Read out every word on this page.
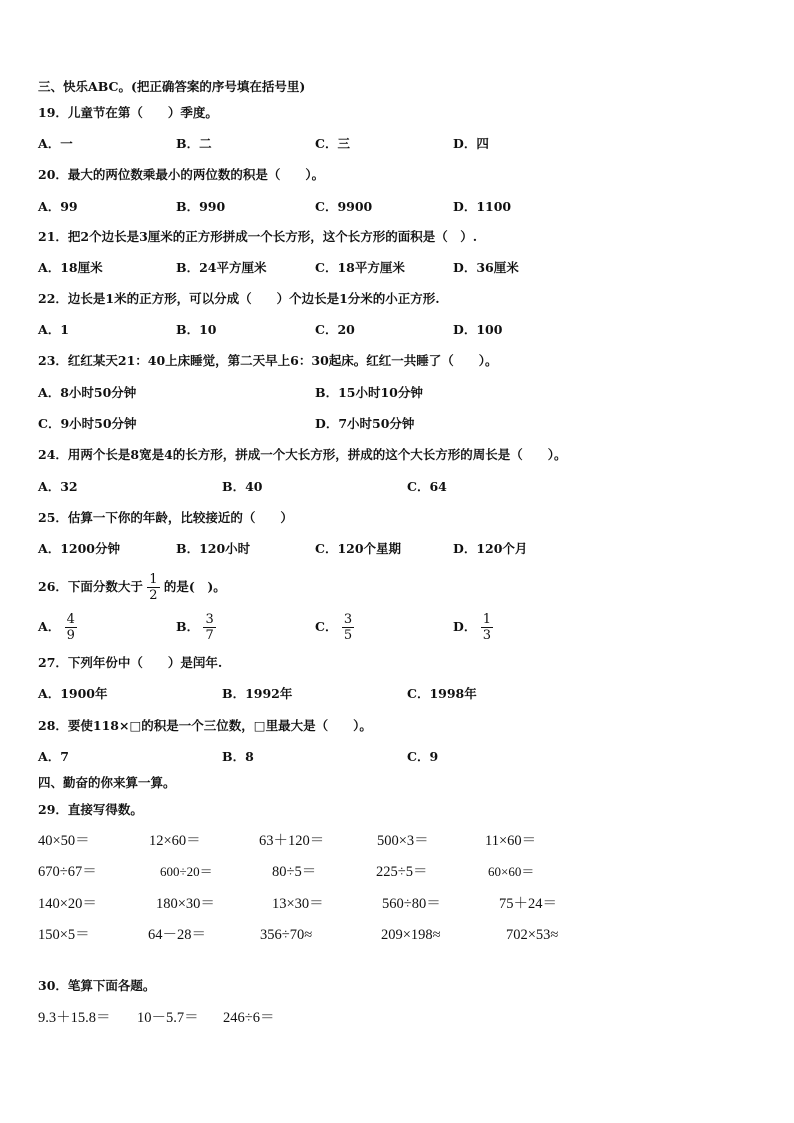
三、快乐ABC。(把正确答案的序号填在括号里)
19．儿童节在第（　　）季度。
A．一	B．二	C．三	D．四
20．最大的两位数乘最小的两位数的积是（　　）。
A．99	B．990	C．9900	D．1100
21．把2个边长是3厘米的正方形拼成一个长方形，这个长方形的面积是（　）.
A．18厘米	B．24平方厘米	C．18平方厘米	D．36厘米
22．边长是1米的正方形，可以分成（　　）个边长是1分米的小正方形.
A．1	B．10	C．20	D．100
23．红红某天21：40上床睡觉，第二天早上6：30起床。红红一共睡了（　　）。
A．8小时50分钟	B．15小时10分钟
C．9小时50分钟	D．7小时50分钟
24．用两个长是8宽是4的长方形，拼成一个大长方形，拼成的这个大长方形的周长是（　　）。
A．32	B．40	C．64
25．估算一下你的年龄，比较接近的（　　）
A．1200分钟	B．120小时	C．120个星期	D．120个月
26．下面分数大于 $\frac{1}{2}$ 的是(　)。
A． $\frac{4}{9}$	B． $\frac{3}{7}$	C． $\frac{3}{5}$	D． $\frac{1}{3}$
27．下列年份中（　　）是闰年.
A．1900年	B．1992年	C．1998年
28．要使118×□的积是一个三位数，□里最大是（　　）。
A．7	B．8	C．9
四、勤奋的你来算一算。
29．直接写得数。
40×50＝	12×60＝	63＋120＝	500×3＝	11×60＝
670÷67＝	600÷20＝	80÷5＝	225÷5＝	60×60＝
140×20＝	180×30＝	13×30＝	560÷80＝	75＋24＝
150×5＝	64－28＝	356÷70≈	209×198≈	702×53≈
30．笔算下面各题。
9.3＋15.8＝ 10－5.7＝ 246÷6＝
